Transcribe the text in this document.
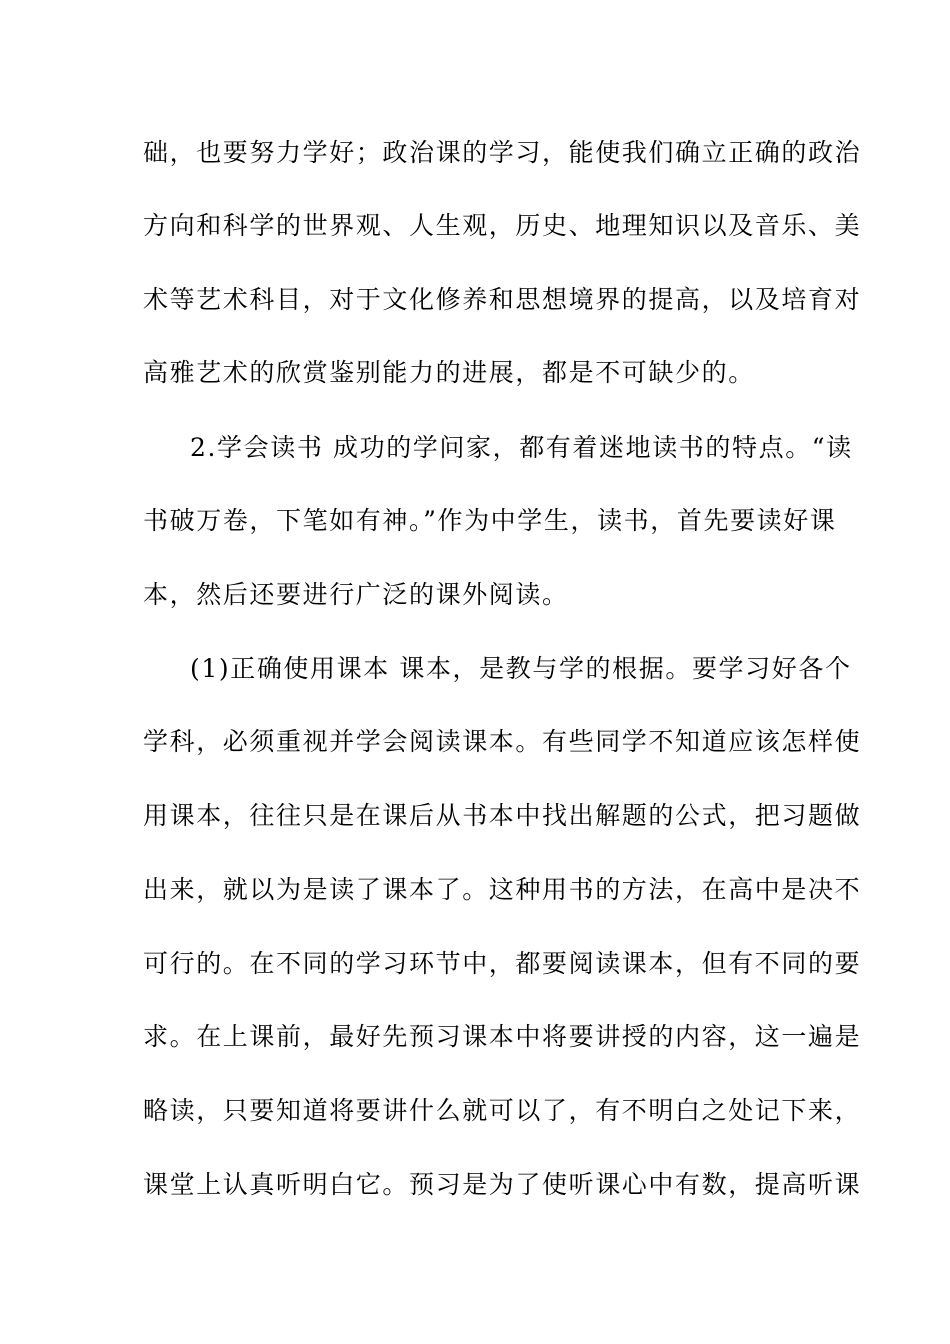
础，也要努力学好；政治课的学习，能使我们确立正确的政治
方向和科学的世界观、人生观，历史、地理知识以及音乐、美
术等艺术科目，对于文化修养和思想境界的提高，以及培育对
高雅艺术的欣赏鉴别能力的进展，都是不可缺少的。
2.学会读书 成功的学问家，都有着迷地读书的特点。“读
书破万卷，下笔如有神。”作为中学生，读书，首先要读好课
本，然后还要进行广泛的课外阅读。
(1)正确使用课本 课本，是教与学的根据。要学习好各个
学科，必须重视并学会阅读课本。有些同学不知道应该怎样使
用课本，往往只是在课后从书本中找出解题的公式，把习题做
出来，就以为是读了课本了。这种用书的方法，在高中是决不
可行的。在不同的学习环节中，都要阅读课本，但有不同的要
求。在上课前，最好先预习课本中将要讲授的内容，这一遍是
略读，只要知道将要讲什么就可以了，有不明白之处记下来，
课堂上认真听明白它。预习是为了使听课心中有数，提高听课
